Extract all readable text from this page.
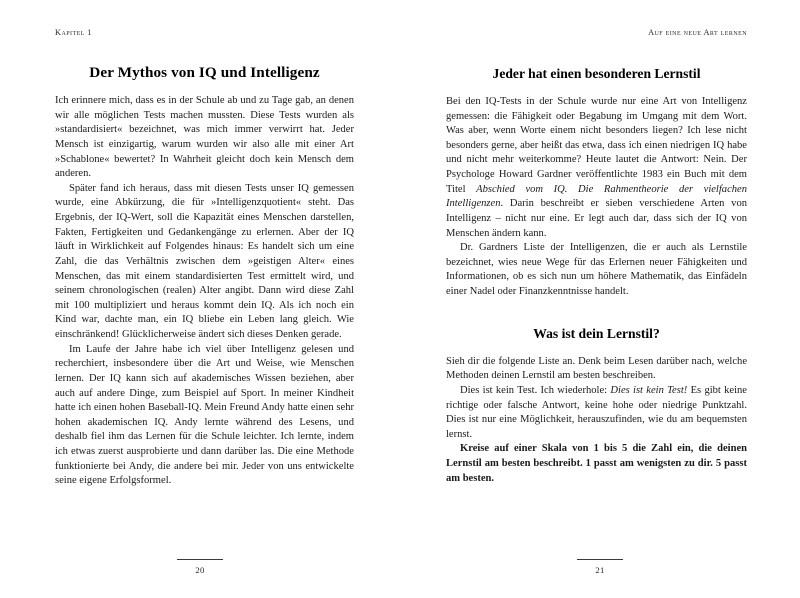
Kapitel 1
Der Mythos von IQ und Intelligenz

Ich erinnere mich, dass es in der Schule ab und zu Tage gab, an denen wir alle möglichen Tests machen mussten. Diese Tests wurden als »standardisiert« bezeichnet, was mich immer verwirrt hat. Jeder Mensch ist einzigartig, warum wurden wir also alle mit einer Art »Schablone« bewertet? In Wahrheit gleicht doch kein Mensch dem anderen.

Später fand ich heraus, dass mit diesen Tests unser IQ gemessen wurde, eine Abkürzung, die für »Intelligenzquotient« steht. Das Ergebnis, der IQ-Wert, soll die Kapazität eines Menschen darstellen, Fakten, Fertigkeiten und Gedankengänge zu erlernen. Aber der IQ läuft in Wirklichkeit auf Folgendes hinaus: Es handelt sich um eine Zahl, die das Verhältnis zwischen dem »geistigen Alter« eines Menschen, das mit einem standardisierten Test ermittelt wird, und seinem chronologischen (realen) Alter angibt. Dann wird diese Zahl mit 100 multipliziert und heraus kommt dein IQ. Als ich noch ein Kind war, dachte man, ein IQ bliebe ein Leben lang gleich. Wie einschränkend! Glücklicherweise ändert sich dieses Denken gerade.

Im Laufe der Jahre habe ich viel über Intelligenz gelesen und recherchiert, insbesondere über die Art und Weise, wie Menschen lernen. Der IQ kann sich auf akademisches Wissen beziehen, aber auch auf andere Dinge, zum Beispiel auf Sport. In meiner Kindheit hatte ich einen hohen Baseball-IQ. Mein Freund Andy hatte einen sehr hohen akademischen IQ. Andy lernte während des Lesens, und deshalb fiel ihm das Lernen für die Schule leichter. Ich lernte, indem ich etwas zuerst ausprobierte und dann darüber las. Die eine Methode funktionierte bei Andy, die andere bei mir. Jeder von uns entwickelte seine eigene Erfolgsformel.

20
Auf eine neue Art lernen
Jeder hat einen besonderen Lernstil

Bei den IQ-Tests in der Schule wurde nur eine Art von Intelligenz gemessen: die Fähigkeit oder Begabung im Umgang mit dem Wort. Was aber, wenn Worte einem nicht besonders liegen? Ich lese nicht besonders gerne, aber heißt das etwa, dass ich einen niedrigen IQ habe und nicht mehr weiterkomme? Heute lautet die Antwort: Nein. Der Psychologe Howard Gardner veröffentlichte 1983 ein Buch mit dem Titel Abschied vom IQ. Die Rahmentheorie der vielfachen Intelligenzen. Darin beschreibt er sieben verschiedene Arten von Intelligenz – nicht nur eine. Er legt auch dar, dass sich der IQ von Menschen ändern kann.

Dr. Gardners Liste der Intelligenzen, die er auch als Lernstile bezeichnet, wies neue Wege für das Erlernen neuer Fähigkeiten und Informationen, ob es sich nun um höhere Mathematik, das Einfädeln einer Nadel oder Finanzkenntnisse handelt.

Was ist dein Lernstil?

Sieh dir die folgende Liste an. Denk beim Lesen darüber nach, welche Methoden deinen Lernstil am besten beschreiben.

Dies ist kein Test. Ich wiederhole: Dies ist kein Test! Es gibt keine richtige oder falsche Antwort, keine hohe oder niedrige Punktzahl. Dies ist nur eine Möglichkeit, herauszufinden, wie du am bequemsten lernst.

Kreise auf einer Skala von 1 bis 5 die Zahl ein, die deinen Lernstil am besten beschreibt. 1 passt am wenigsten zu dir. 5 passt am besten.

21
